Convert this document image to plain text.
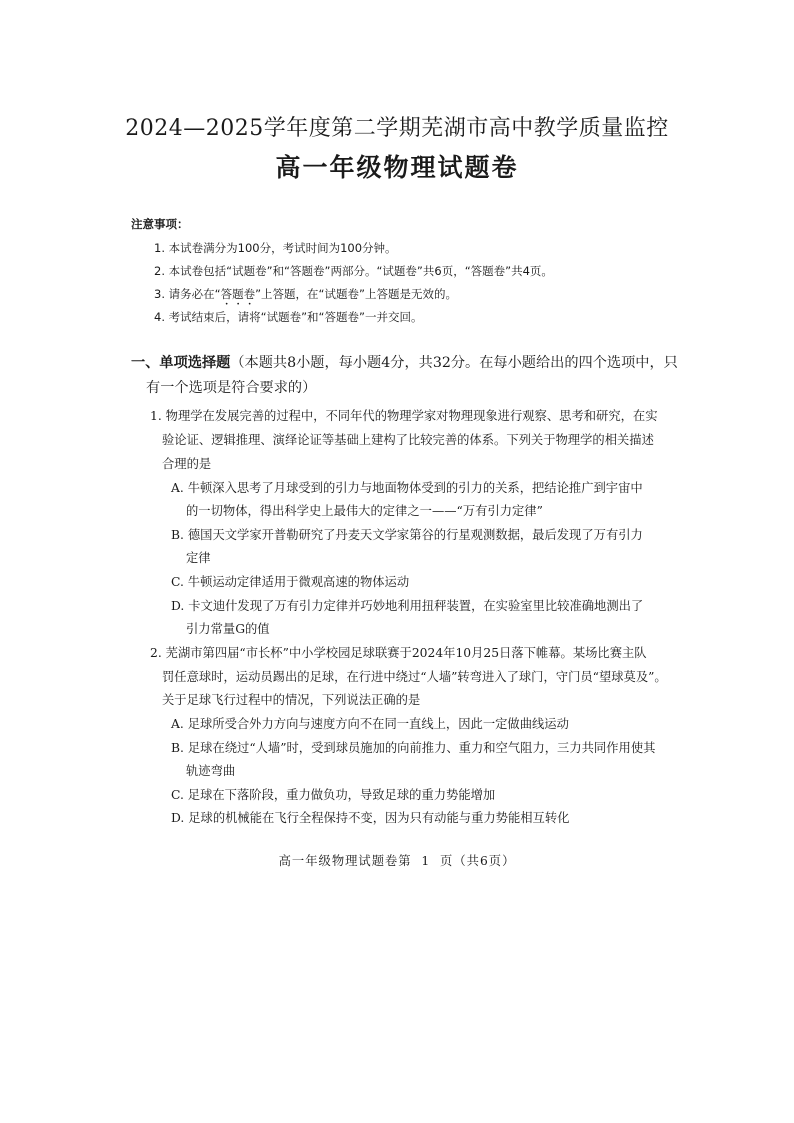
2024—2025学年度第二学期芜湖市高中教学质量监控
高一年级物理试题卷
注意事项：
1. 本试卷满分为100分，考试时间为100分钟。
2. 本试卷包括“试题卷”和“答题卷”两部分。“试题卷”共6页，“答题卷”共4页。
3. 请务必在“答题卷”上答题，在“试题卷”上答题是无效的。
4. 考试结束后，请将“试题卷”和“答题卷”一并交回。
一、单项选择题（本题共8小题，每小题4分，共32分。在每小题给出的四个选项中，只
有一个选项是符合要求的）
1. 物理学在发展完善的过程中，不同年代的物理学家对物理现象进行观察、思考和研究，在实
验论证、逻辑推理、演绎论证等基础上建构了比较完善的体系。下列关于物理学的相关描述
合理的是
A. 牛顿深入思考了月球受到的引力与地面物体受到的引力的关系，把结论推广到宇宙中
的一切物体，得出科学史上最伟大的定律之一——“万有引力定律”
B. 德国天文学家开普勒研究了丹麦天文学家第谷的行星观测数据，最后发现了万有引力
定律
C. 牛顿运动定律适用于微观高速的物体运动
D. 卡文迪什发现了万有引力定律并巧妙地利用扭秤装置，在实验室里比较准确地测出了
引力常量G的值
2. 芜湖市第四届“市长杯”中小学校园足球联赛于2024年10月25日落下帷幕。某场比赛主队
罚任意球时，运动员踢出的足球，在行进中绕过“人墙”转弯进入了球门，守门员“望球莫及”。
关于足球飞行过程中的情况，下列说法正确的是
A. 足球所受合外力方向与速度方向不在同一直线上，因此一定做曲线运动
B. 足球在绕过“人墙”时，受到球员施加的向前推力、重力和空气阻力，三力共同作用使其
轨迹弯曲
C. 足球在下落阶段，重力做负功，导致足球的重力势能增加
D. 足球的机械能在飞行全程保持不变，因为只有动能与重力势能相互转化
高一年级物理试题卷第  1  页（共6页）
